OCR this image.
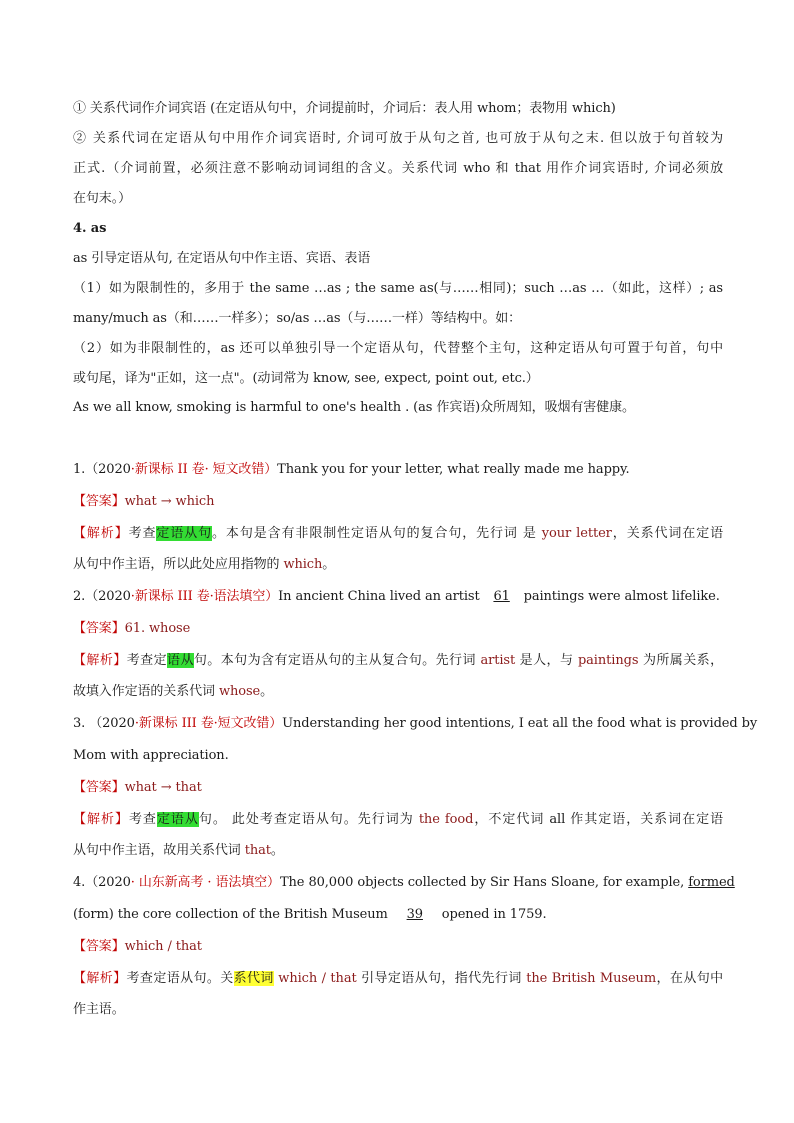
① 关系代词作介词宾语 (在定语从句中，介词提前时，介词后：表人用 whom；表物用 which)
② 关系代词在定语从句中用作介词宾语时, 介词可放于从句之首, 也可放于从句之末. 但以放于句首较为
正式.（介词前置，必须注意不影响动词词组的含义。关系代词 who 和 that 用作介词宾语时, 介词必须放
在句末。）
4. as
as 引导定语从句, 在定语从句中作主语、宾语、表语
（1）如为限制性的，多用于 the same …as ; the same as(与……相同)；such …as …（如此，这样）; as
many/much as（和……一样多）；so/as …as（与……一样）等结构中。如：
（2）如为非限制性的，as 还可以单独引导一个定语从句，代替整个主句，这种定语从句可置于句首，句中
或句尾，译为"正如，这一点"。(动词常为 know, see, expect, point out, etc.）
As we all know, smoking is harmful to one's health . (as 作宾语)众所周知，吸烟有害健康。
1.（2020·新课标 II 卷· 短文改错）Thank you for your letter, what really made me happy.
【答案】what → which
【解析】考查定语从句。本句是含有非限制性定语从句的复合句，先行词 是 your letter，关系代词在定语
从句中作主语，所以此处应用指物的 which。
2.（2020·新课标 III 卷·语法填空）In ancient China lived an artist 61 paintings were almost lifelike.
【答案】61. whose
【解析】考查定语从句。本句为含有定语从句的主从复合句。先行词 artist 是人，与 paintings 为所属关系，
故填入作定语的关系代词 whose。
3. （2020·新课标 III 卷·短文改错）Understanding her good intentions, I eat all the food what is provided by
Mom with appreciation.
【答案】what → that
【解析】考查定语从句。 此处考查定语从句。先行词为 the food，不定代词 all 作其定语，关系词在定语
从句中作主语，故用关系代词 that。
4.（2020· 山东新高考 · 语法填空）The 80,000 objects collected by Sir Hans Sloane, for example, formed
(form) the core collection of the British Museum 39 opened in 1759.
【答案】which / that
【解析】考查定语从句。关系代词 which / that 引导定语从句，指代先行词 the British Museum，在从句中
作主语。
